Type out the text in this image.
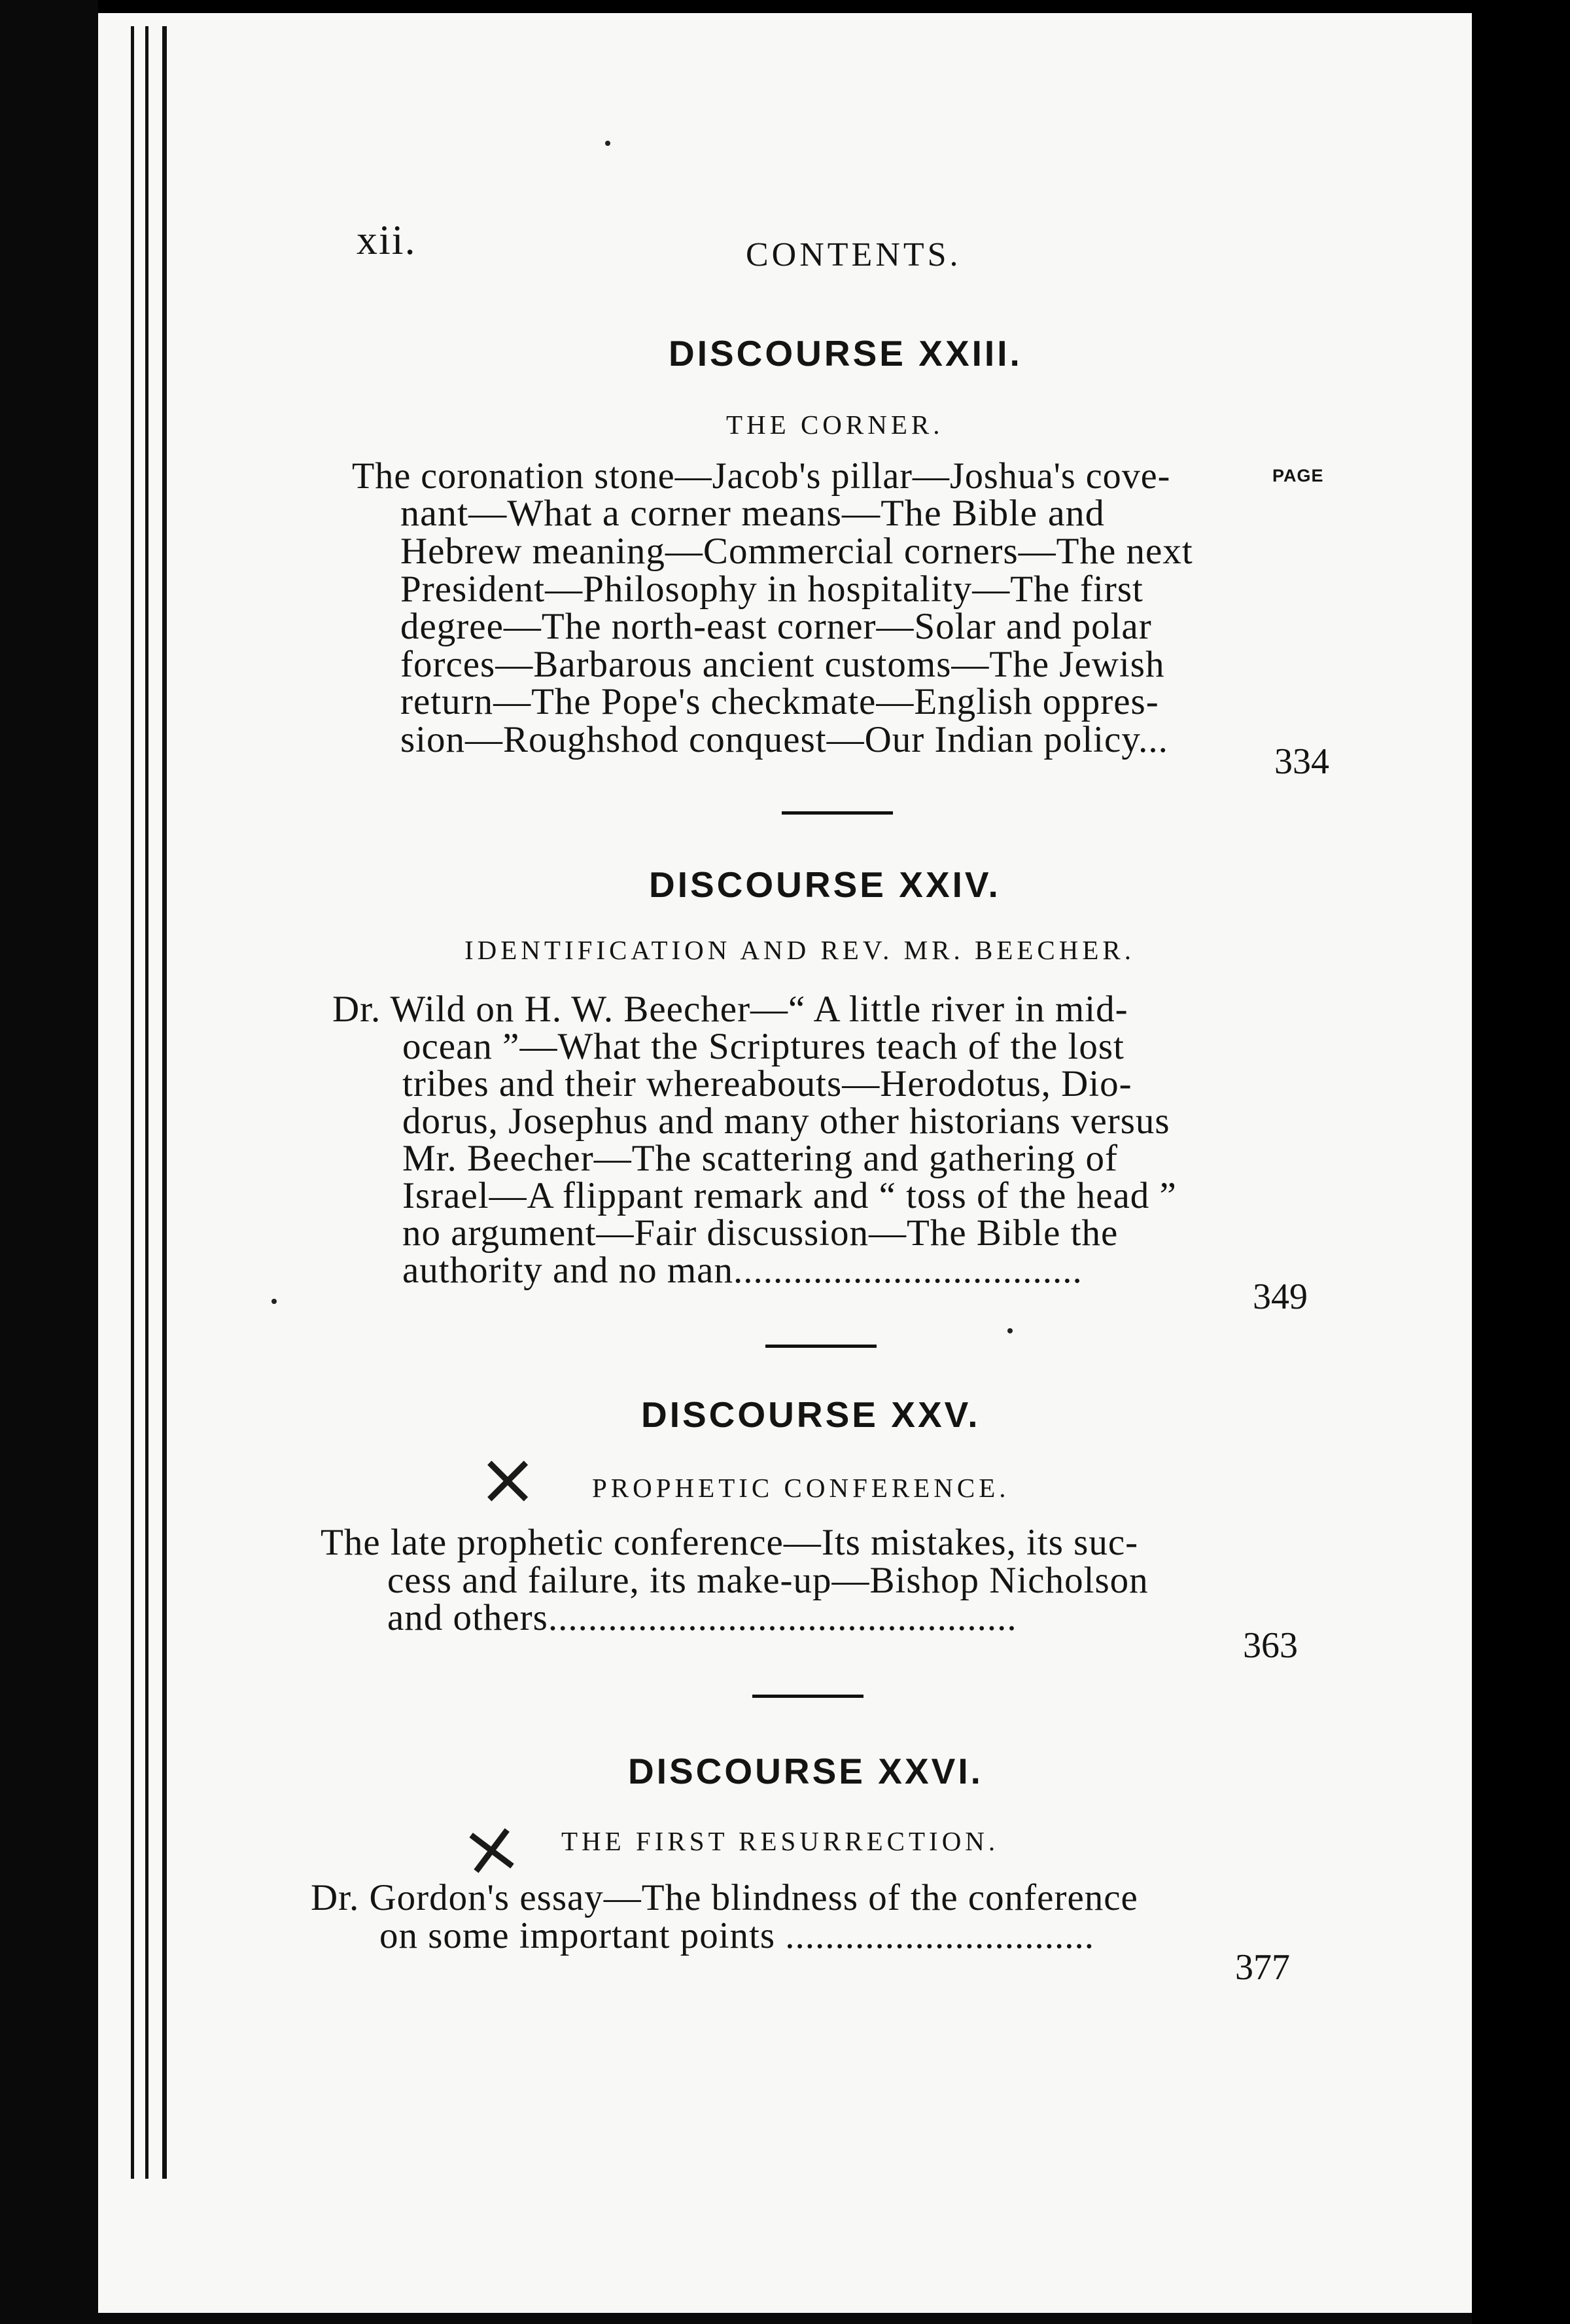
xii.	CONTENTS.
DISCOURSE XXIII.
THE CORNER.
PAGE
The coronation stone—Jacob's pillar—Joshua's cove-
nant—What a corner means—The Bible and
Hebrew meaning—Commercial corners—The next
President—Philosophy in hospitality—The first
degree—The north-east corner—Solar and polar
forces—Barbarous ancient customs—The Jewish
return—The Pope's checkmate—English oppres-
sion—Roughshod conquest—Our Indian policy...
334
DISCOURSE XXIV.
IDENTIFICATION AND REV. MR. BEECHER.
Dr. Wild on H. W. Beecher—“ A little river in mid-
ocean ”—What the Scriptures teach of the lost
tribes and their whereabouts—Herodotus, Dio-
dorus, Josephus and many other historians versus
Mr. Beecher—The scattering and gathering of
Israel—A flippant remark and “ toss of the head ”
no argument—Fair discussion—The Bible the
authority and no man...................................
349
DISCOURSE XXV.
× PROPHETIC CONFERENCE.
The late prophetic conference—Its mistakes, its suc-
cess and failure, its make-up—Bishop Nicholson
and others...............................................
363
DISCOURSE XXVI.
× THE FIRST RESURRECTION.
Dr. Gordon's essay—The blindness of the conference
on some important points ...............................
377
